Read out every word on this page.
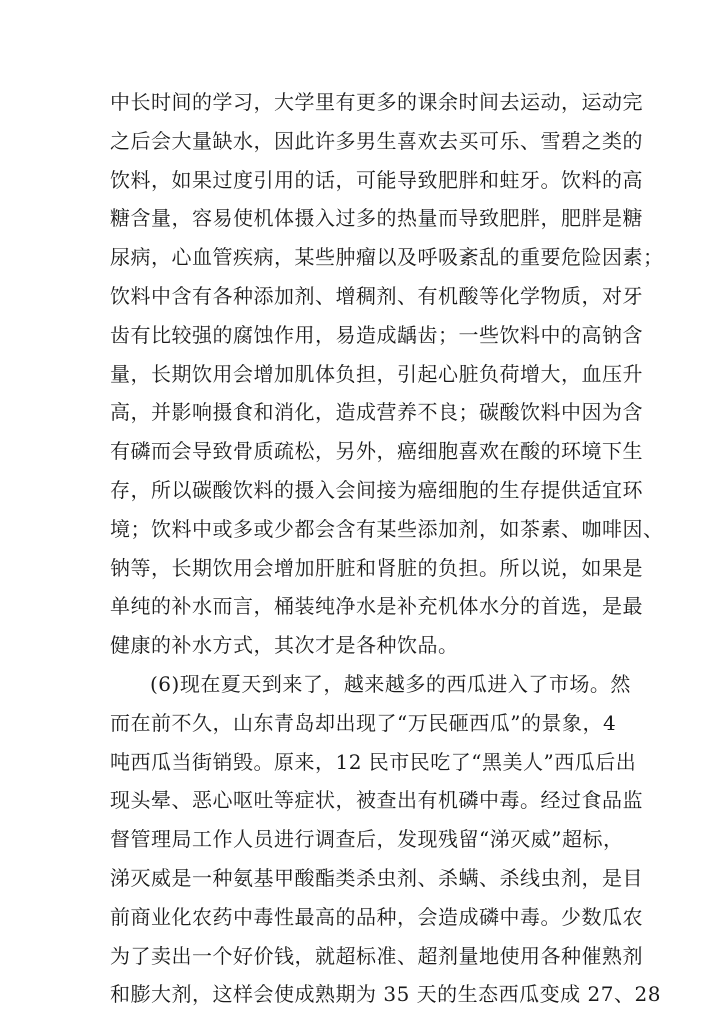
中长时间的学习，大学里有更多的课余时间去运动，运动完
之后会大量缺水，因此许多男生喜欢去买可乐、雪碧之类的
饮料，如果过度引用的话，可能导致肥胖和蛀牙。饮料的高
糖含量，容易使机体摄入过多的热量而导致肥胖，肥胖是糖
尿病，心血管疾病，某些肿瘤以及呼吸紊乱的重要危险因素；
饮料中含有各种添加剂、增稠剂、有机酸等化学物质，对牙
齿有比较强的腐蚀作用，易造成龋齿；一些饮料中的高钠含
量，长期饮用会增加肌体负担，引起心脏负荷增大，血压升
高，并影响摄食和消化，造成营养不良；碳酸饮料中因为含
有磷而会导致骨质疏松，另外，癌细胞喜欢在酸的环境下生
存，所以碳酸饮料的摄入会间接为癌细胞的生存提供适宜环
境；饮料中或多或少都会含有某些添加剂，如茶素、咖啡因、
钠等，长期饮用会增加肝脏和肾脏的负担。所以说，如果是
单纯的补水而言，桶装纯净水是补充机体水分的首选，是最
健康的补水方式，其次才是各种饮品。
(6)现在夏天到来了，越来越多的西瓜进入了市场。然
而在前不久，山东青岛却出现了“万民砸西瓜”的景象，4
吨西瓜当街销毁。原来，12 民市民吃了“黑美人”西瓜后出
现头晕、恶心呕吐等症状，被查出有机磷中毒。经过食品监
督管理局工作人员进行调查后，发现残留“涕灭威”超标，
涕灭威是一种氨基甲酸酯类杀虫剂、杀螨、杀线虫剂，是目
前商业化农药中毒性最高的品种，会造成磷中毒。少数瓜农
为了卖出一个好价钱，就超标准、超剂量地使用各种催熟剂
和膨大剂，这样会使成熟期为 35 天的生态西瓜变成 27、28
